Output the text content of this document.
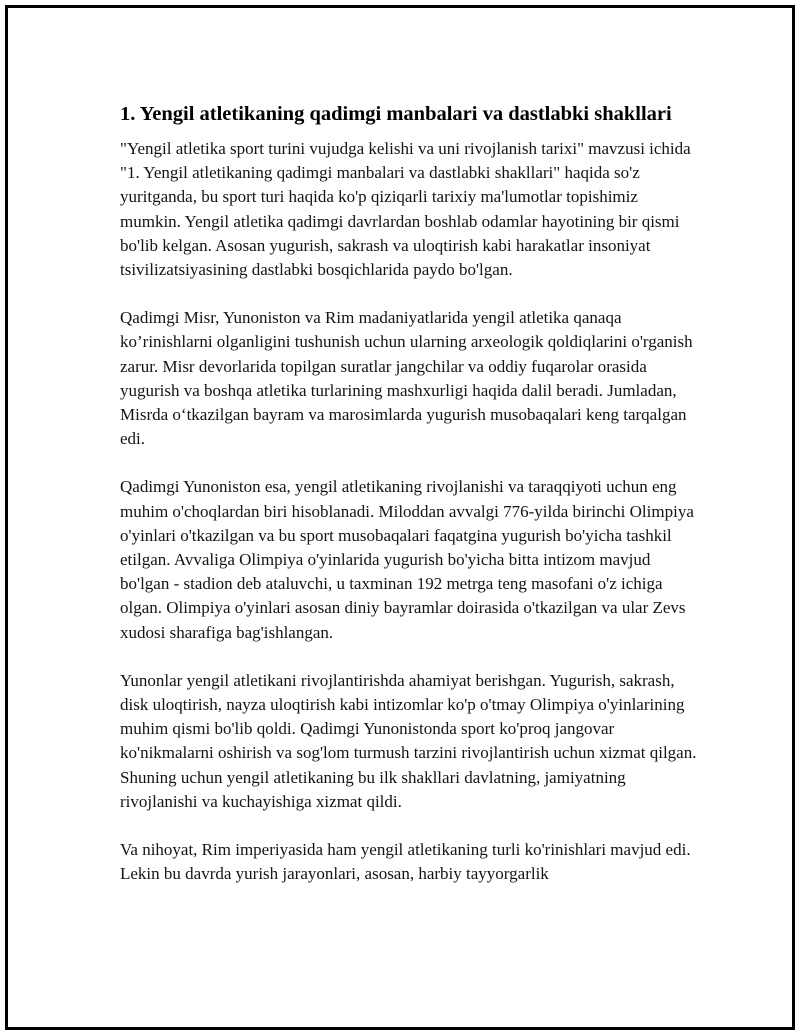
1. Yengil atletikaning qadimgi manbalari va dastlabki shakllari

"Yengil atletika sport turini vujudga kelishi va uni rivojlanish tarixi" mavzusi ichida "1. Yengil atletikaning qadimgi manbalari va dastlabki shakllari" haqida so'z yuritganda, bu sport turi haqida ko'p qiziqarli tarixiy ma'lumotlar topishimiz mumkin. Yengil atletika qadimgi davrlardan boshlab odamlar hayotining bir qismi bo'lib kelgan. Asosan yugurish, sakrash va uloqtirish kabi harakatlar insoniyat tsivilizatsiyasining dastlabki bosqichlarida paydo bo'lgan.

Qadimgi Misr, Yunoniston va Rim madaniyatlarida yengil atletika qanaqa ko’rinishlarni olganligini tushunish uchun ularning arxeologik qoldiqlarini o'rganish zarur. Misr devorlarida topilgan suratlar jangchilar va oddiy fuqarolar orasida yugurish va boshqa atletika turlarining mashxurligi haqida dalil beradi. Jumladan, Misrda o‘tkazilgan bayram va marosimlarda yugurish musobaqalari keng tarqalgan edi.

Qadimgi Yunoniston esa, yengil atletikaning rivojlanishi va taraqqiyoti uchun eng muhim o'choqlardan biri hisoblanadi. Miloddan avvalgi 776-yilda birinchi Olimpiya o'yinlari o'tkazilgan va bu sport musobaqalari faqatgina yugurish bo'yicha tashkil etilgan. Avvaliga Olimpiya o'yinlarida yugurish bo'yicha bitta intizom mavjud bo'lgan - stadion deb ataluvchi, u taxminan 192 metrga teng masofani o'z ichiga olgan. Olimpiya o'yinlari asosan diniy bayramlar doirasida o'tkazilgan va ular Zevs xudosi sharafiga bag'ishlangan.

Yunonlar yengil atletikani rivojlantirishda ahamiyat berishgan. Yugurish, sakrash, disk uloqtirish, nayza uloqtirish kabi intizomlar ko'p o'tmay Olimpiya o'yinlarining muhim qismi bo'lib qoldi. Qadimgi Yunonistonda sport ko'proq jangovar ko'nikmalarni oshirish va sog'lom turmush tarzini rivojlantirish uchun xizmat qilgan. Shuning uchun yengil atletikaning bu ilk shakllari davlatning, jamiyatning rivojlanishi va kuchayishiga xizmat qildi.

Va nihoyat, Rim imperiyasida ham yengil atletikaning turli ko'rinishlari mavjud edi. Lekin bu davrda yurish jarayonlari, asosan, harbiy tayyorgarlik
